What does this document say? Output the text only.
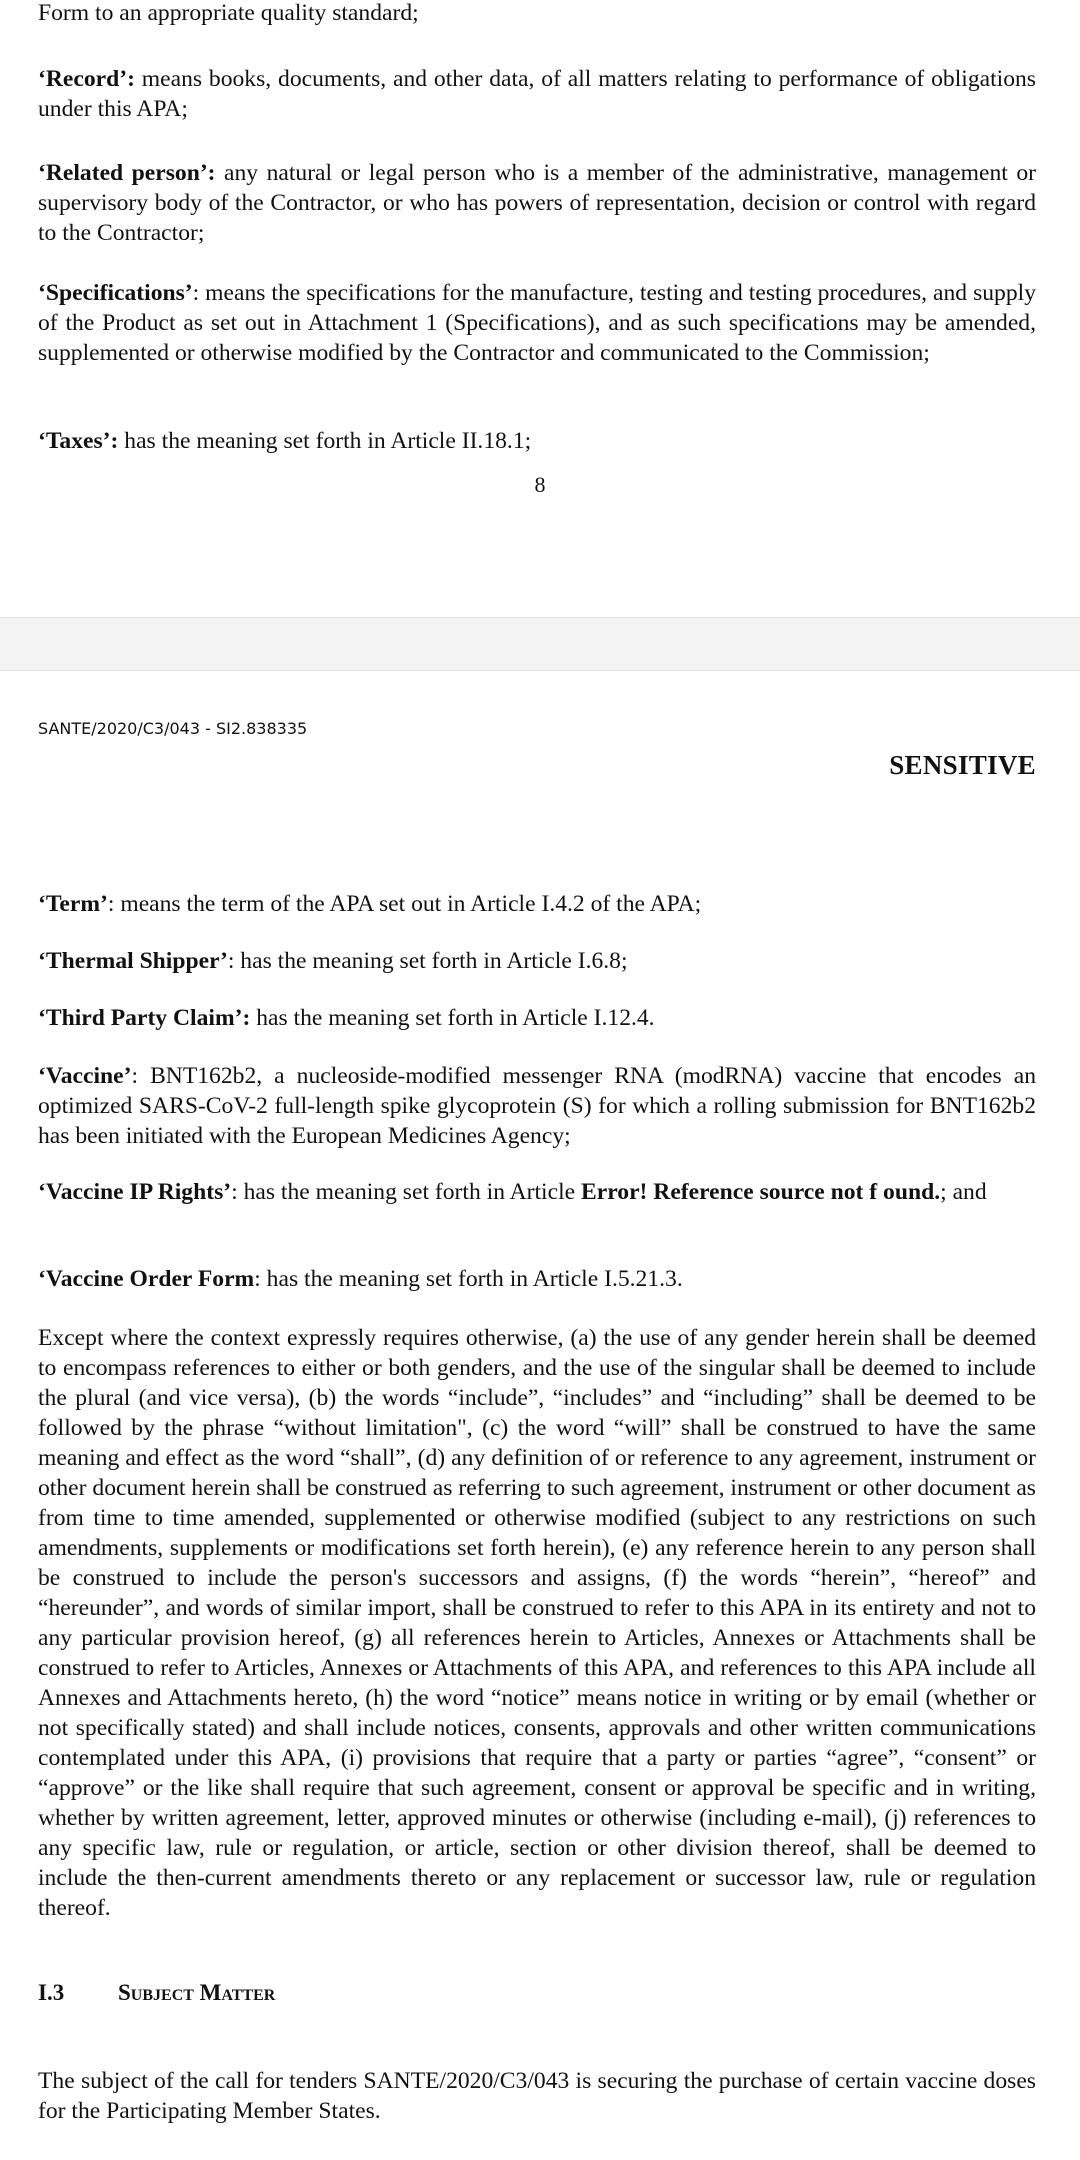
Form to an appropriate quality standard;

‘Record’: means books, documents, and other data, of all matters relating to performance of obligations under this APA;

‘Related person’: any natural or legal person who is a member of the administrative, management or supervisory body of the Contractor, or who has powers of representation, decision or control with regard to the Contractor;

‘Specifications’: means the specifications for the manufacture, testing and testing procedures, and supply of the Product as set out in Attachment 1 (Specifications), and as such specifications may be amended, supplemented or otherwise modified by the Contractor and communicated to the Commission;

‘Taxes’: has the meaning set forth in Article II.18.1;

8
SANTE/2020/C3/043 - SI2.838335
SENSITIVE

‘Term’: means the term of the APA set out in Article I.4.2 of the APA;

‘Thermal Shipper’: has the meaning set forth in Article I.6.8;

‘Third Party Claim’: has the meaning set forth in Article I.12.4.

‘Vaccine’: BNT162b2, a nucleoside-modified messenger RNA (modRNA) vaccine that encodes an optimized SARS-CoV-2 full-length spike glycoprotein (S) for which a rolling submission for BNT162b2 has been initiated with the European Medicines Agency;

‘Vaccine IP Rights’: has the meaning set forth in Article Error! Reference source not f ound.; and

‘Vaccine Order Form: has the meaning set forth in Article I.5.21.3.

Except where the context expressly requires otherwise, (a) the use of any gender herein shall be deemed to encompass references to either or both genders, and the use of the singular shall be deemed to include the plural (and vice versa), (b) the words “include”, “includes” and “including” shall be deemed to be followed by the phrase “without limitation", (c) the word “will” shall be construed to have the same meaning and effect as the word “shall”, (d) any definition of or reference to any agreement, instrument or other document herein shall be construed as referring to such agreement, instrument or other document as from time to time amended, supplemented or otherwise modified (subject to any restrictions on such amendments, supplements or modifications set forth herein), (e) any reference herein to any person shall be construed to include the person's successors and assigns, (f) the words “herein”, “hereof” and “hereunder”, and words of similar import, shall be construed to refer to this APA in its entirety and not to any particular provision hereof, (g) all references herein to Articles, Annexes or Attachments shall be construed to refer to Articles, Annexes or Attachments of this APA, and references to this APA include all Annexes and Attachments hereto, (h) the word “notice” means notice in writing or by email (whether or not specifically stated) and shall include notices, consents, approvals and other written communications contemplated under this APA, (i) provisions that require that a party or parties “agree”, “consent” or “approve” or the like shall require that such agreement, consent or approval be specific and in writing, whether by written agreement, letter, approved minutes or otherwise (including e-mail), (j) references to any specific law, rule or regulation, or article, section or other division thereof, shall be deemed to include the then-current amendments thereto or any replacement or successor law, rule or regulation thereof.

I.3 Subject Matter

The subject of the call for tenders SANTE/2020/C3/043 is securing the purchase of certain vaccine doses for the Participating Member States.
